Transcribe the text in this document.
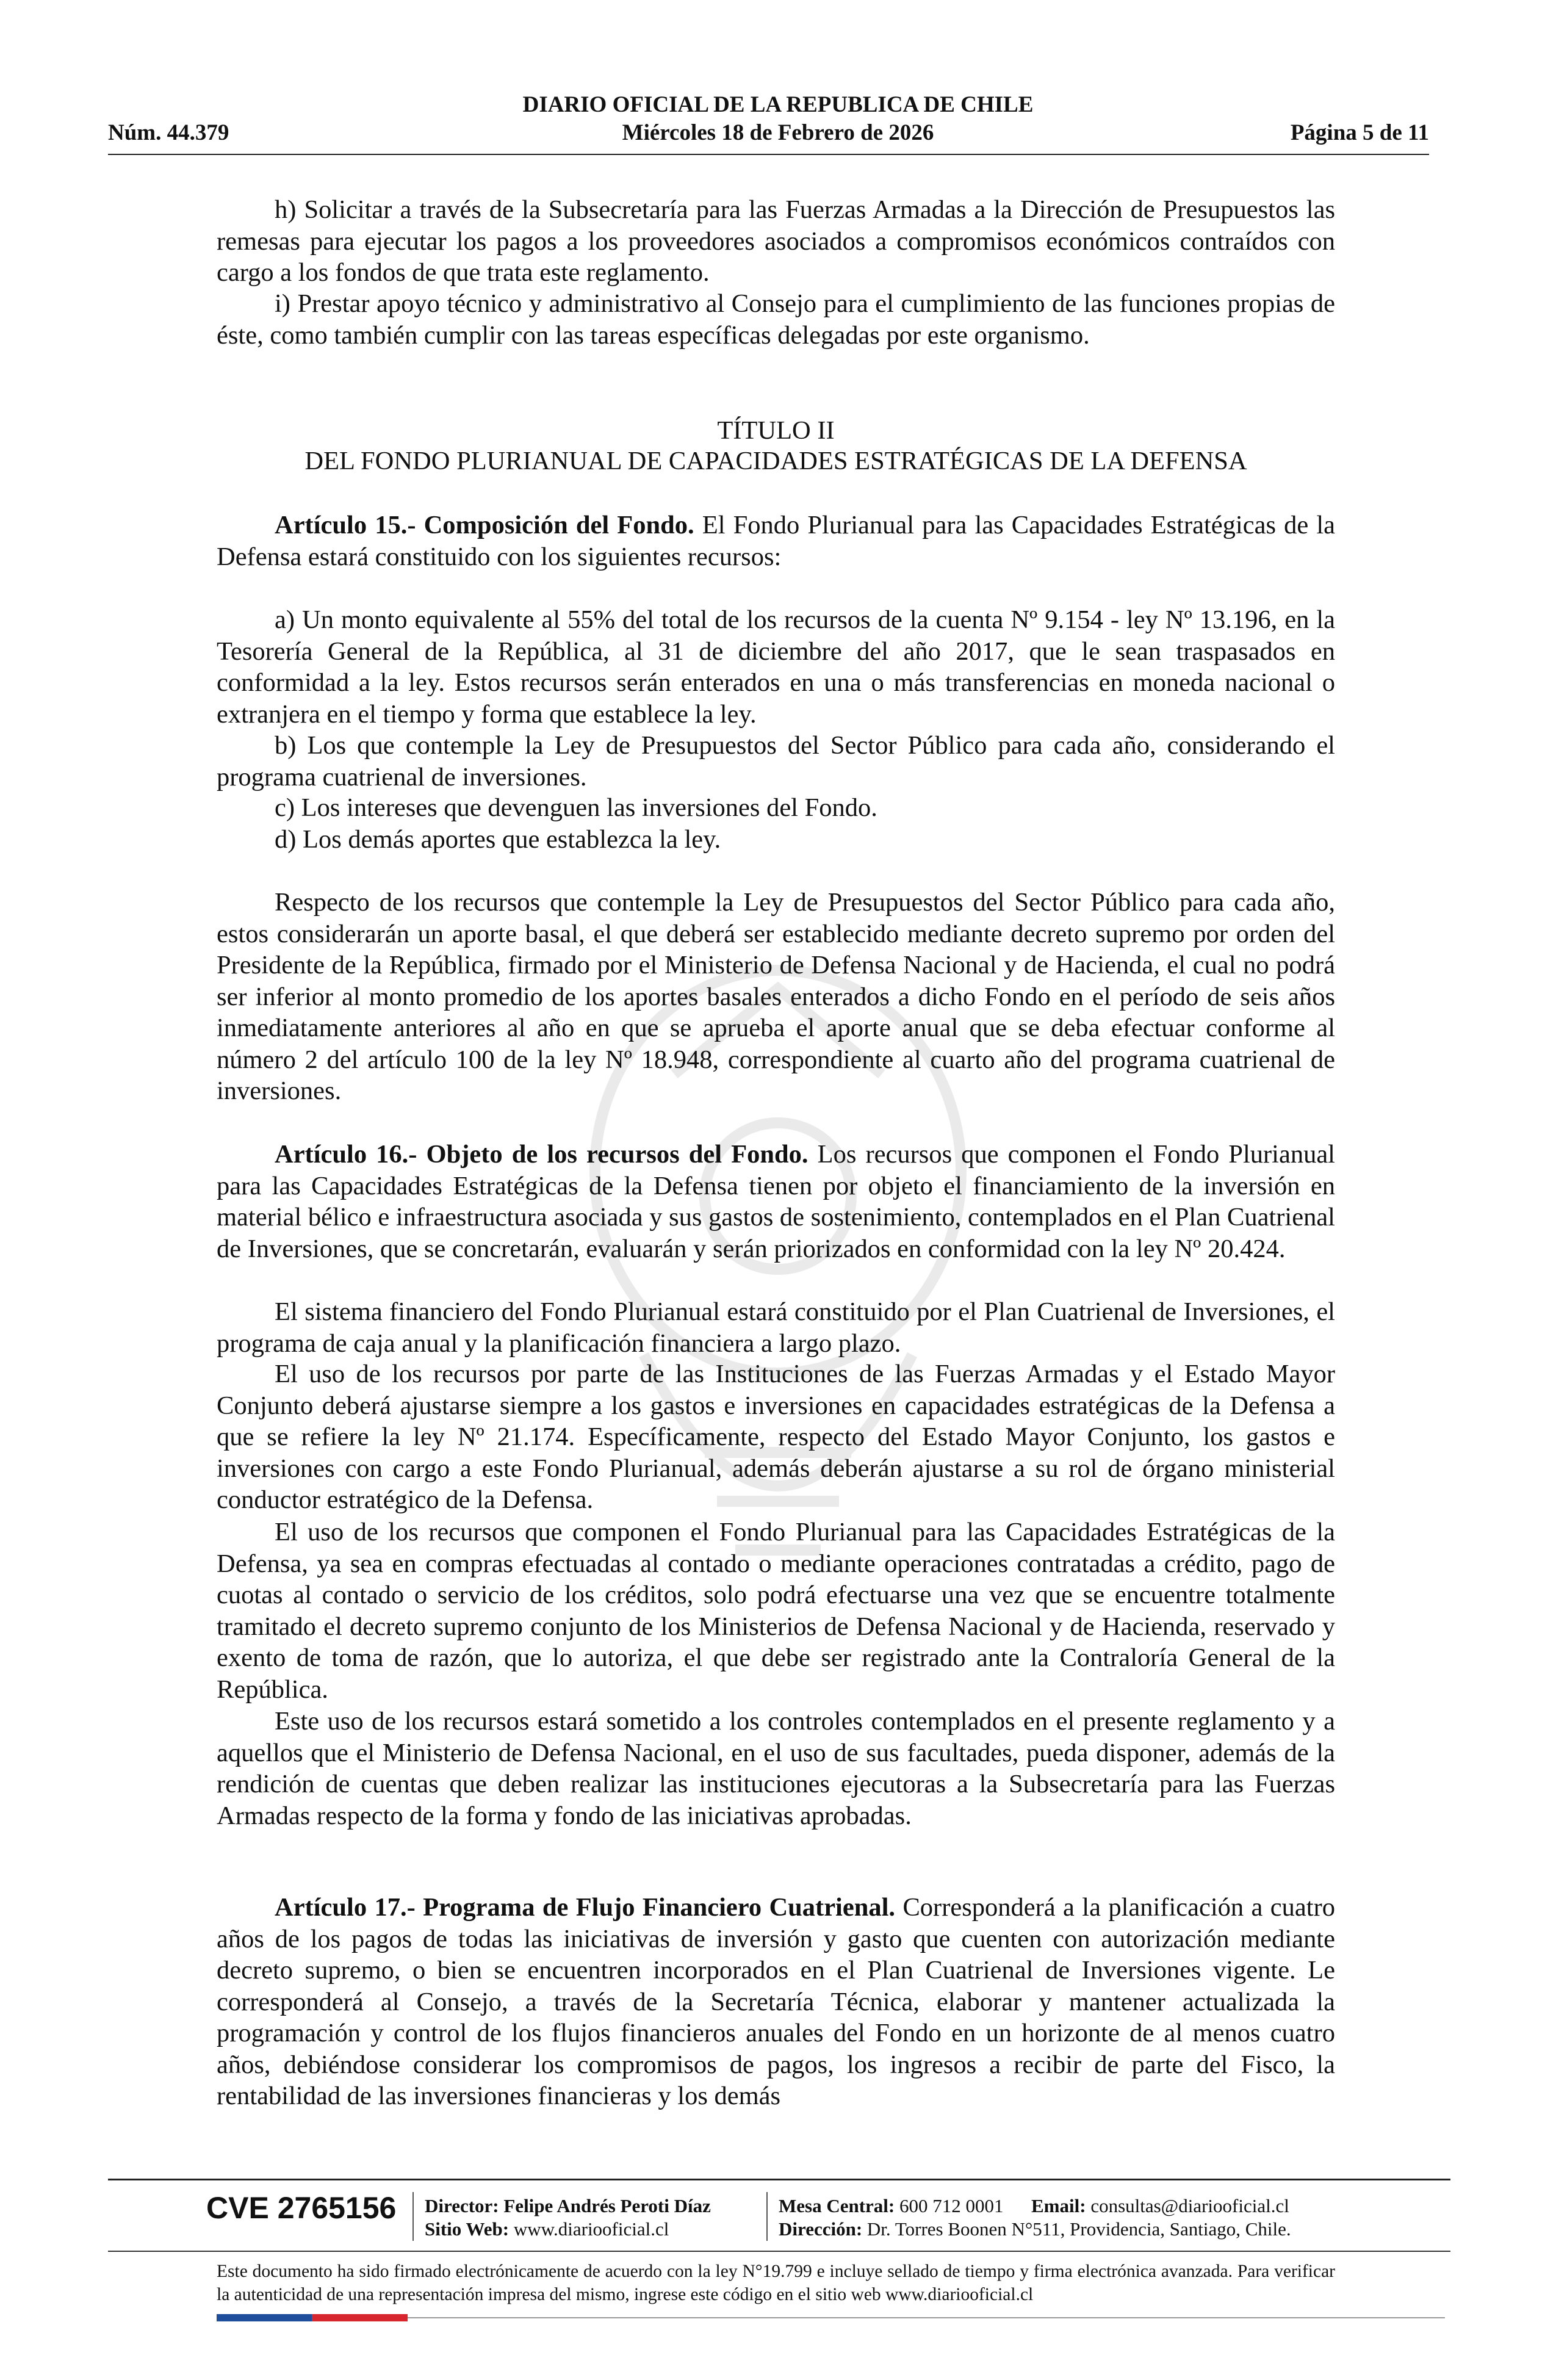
DIARIO OFICIAL DE LA REPUBLICA DE CHILE
Miércoles 18 de Febrero de 2026
Núm. 44.379	Página 5 de 11

h) Solicitar a través de la Subsecretaría para las Fuerzas Armadas a la Dirección de Presupuestos las remesas para ejecutar los pagos a los proveedores asociados a compromisos económicos contraídos con cargo a los fondos de que trata este reglamento.

i) Prestar apoyo técnico y administrativo al Consejo para el cumplimiento de las funciones propias de éste, como también cumplir con las tareas específicas delegadas por este organismo.

TÍTULO II

DEL FONDO PLURIANUAL DE CAPACIDADES ESTRATÉGICAS DE LA DEFENSA

Artículo 15.- Composición del Fondo. El Fondo Plurianual para las Capacidades Estratégicas de la Defensa estará constituido con los siguientes recursos:

a) Un monto equivalente al 55% del total de los recursos de la cuenta Nº 9.154 - ley Nº 13.196, en la Tesorería General de la República, al 31 de diciembre del año 2017, que le sean traspasados en conformidad a la ley. Estos recursos serán enterados en una o más transferencias en moneda nacional o extranjera en el tiempo y forma que establece la ley.

b) Los que contemple la Ley de Presupuestos del Sector Público para cada año, considerando el programa cuatrienal de inversiones.

c) Los intereses que devenguen las inversiones del Fondo.

d) Los demás aportes que establezca la ley.

Respecto de los recursos que contemple la Ley de Presupuestos del Sector Público para cada año, estos considerarán un aporte basal, el que deberá ser establecido mediante decreto supremo por orden del Presidente de la República, firmado por el Ministerio de Defensa Nacional y de Hacienda, el cual no podrá ser inferior al monto promedio de los aportes basales enterados a dicho Fondo en el período de seis años inmediatamente anteriores al año en que se aprueba el aporte anual que se deba efectuar conforme al número 2 del artículo 100 de la ley Nº 18.948, correspondiente al cuarto año del programa cuatrienal de inversiones.

Artículo 16.- Objeto de los recursos del Fondo. Los recursos que componen el Fondo Plurianual para las Capacidades Estratégicas de la Defensa tienen por objeto el financiamiento de la inversión en material bélico e infraestructura asociada y sus gastos de sostenimiento, contemplados en el Plan Cuatrienal de Inversiones, que se concretarán, evaluarán y serán priorizados en conformidad con la ley Nº 20.424.

El sistema financiero del Fondo Plurianual estará constituido por el Plan Cuatrienal de Inversiones, el programa de caja anual y la planificación financiera a largo plazo.

El uso de los recursos por parte de las Instituciones de las Fuerzas Armadas y el Estado Mayor Conjunto deberá ajustarse siempre a los gastos e inversiones en capacidades estratégicas de la Defensa a que se refiere la ley Nº 21.174. Específicamente, respecto del Estado Mayor Conjunto, los gastos e inversiones con cargo a este Fondo Plurianual, además deberán ajustarse a su rol de órgano ministerial conductor estratégico de la Defensa.

El uso de los recursos que componen el Fondo Plurianual para las Capacidades Estratégicas de la Defensa, ya sea en compras efectuadas al contado o mediante operaciones contratadas a crédito, pago de cuotas al contado o servicio de los créditos, solo podrá efectuarse una vez que se encuentre totalmente tramitado el decreto supremo conjunto de los Ministerios de Defensa Nacional y de Hacienda, reservado y exento de toma de razón, que lo autoriza, el que debe ser registrado ante la Contraloría General de la República.

Este uso de los recursos estará sometido a los controles contemplados en el presente reglamento y a aquellos que el Ministerio de Defensa Nacional, en el uso de sus facultades, pueda disponer, además de la rendición de cuentas que deben realizar las instituciones ejecutoras a la Subsecretaría para las Fuerzas Armadas respecto de la forma y fondo de las iniciativas aprobadas.

Artículo 17.- Programa de Flujo Financiero Cuatrienal. Corresponderá a la planificación a cuatro años de los pagos de todas las iniciativas de inversión y gasto que cuenten con autorización mediante decreto supremo, o bien se encuentren incorporados en el Plan Cuatrienal de Inversiones vigente. Le corresponderá al Consejo, a través de la Secretaría Técnica, elaborar y mantener actualizada la programación y control de los flujos financieros anuales del Fondo en un horizonte de al menos cuatro años, debiéndose considerar los compromisos de pagos, los ingresos a recibir de parte del Fisco, la rentabilidad de las inversiones financieras y los demás

CVE 2765156 Director: Felipe Andrés Peroti Díaz
Sitio Web: www.diariooficial.cl
Mesa Central: 600 712 0001 Email: consultas@diariooficial.cl
Dirección: Dr. Torres Boonen N°511, Providencia, Santiago, Chile.
Este documento ha sido firmado electrónicamente de acuerdo con la ley N°19.799 e incluye sellado de tiempo y firma electrónica avanzada. Para verificar la autenticidad de una representación impresa del mismo, ingrese este código en el sitio web www.diariooficial.cl
